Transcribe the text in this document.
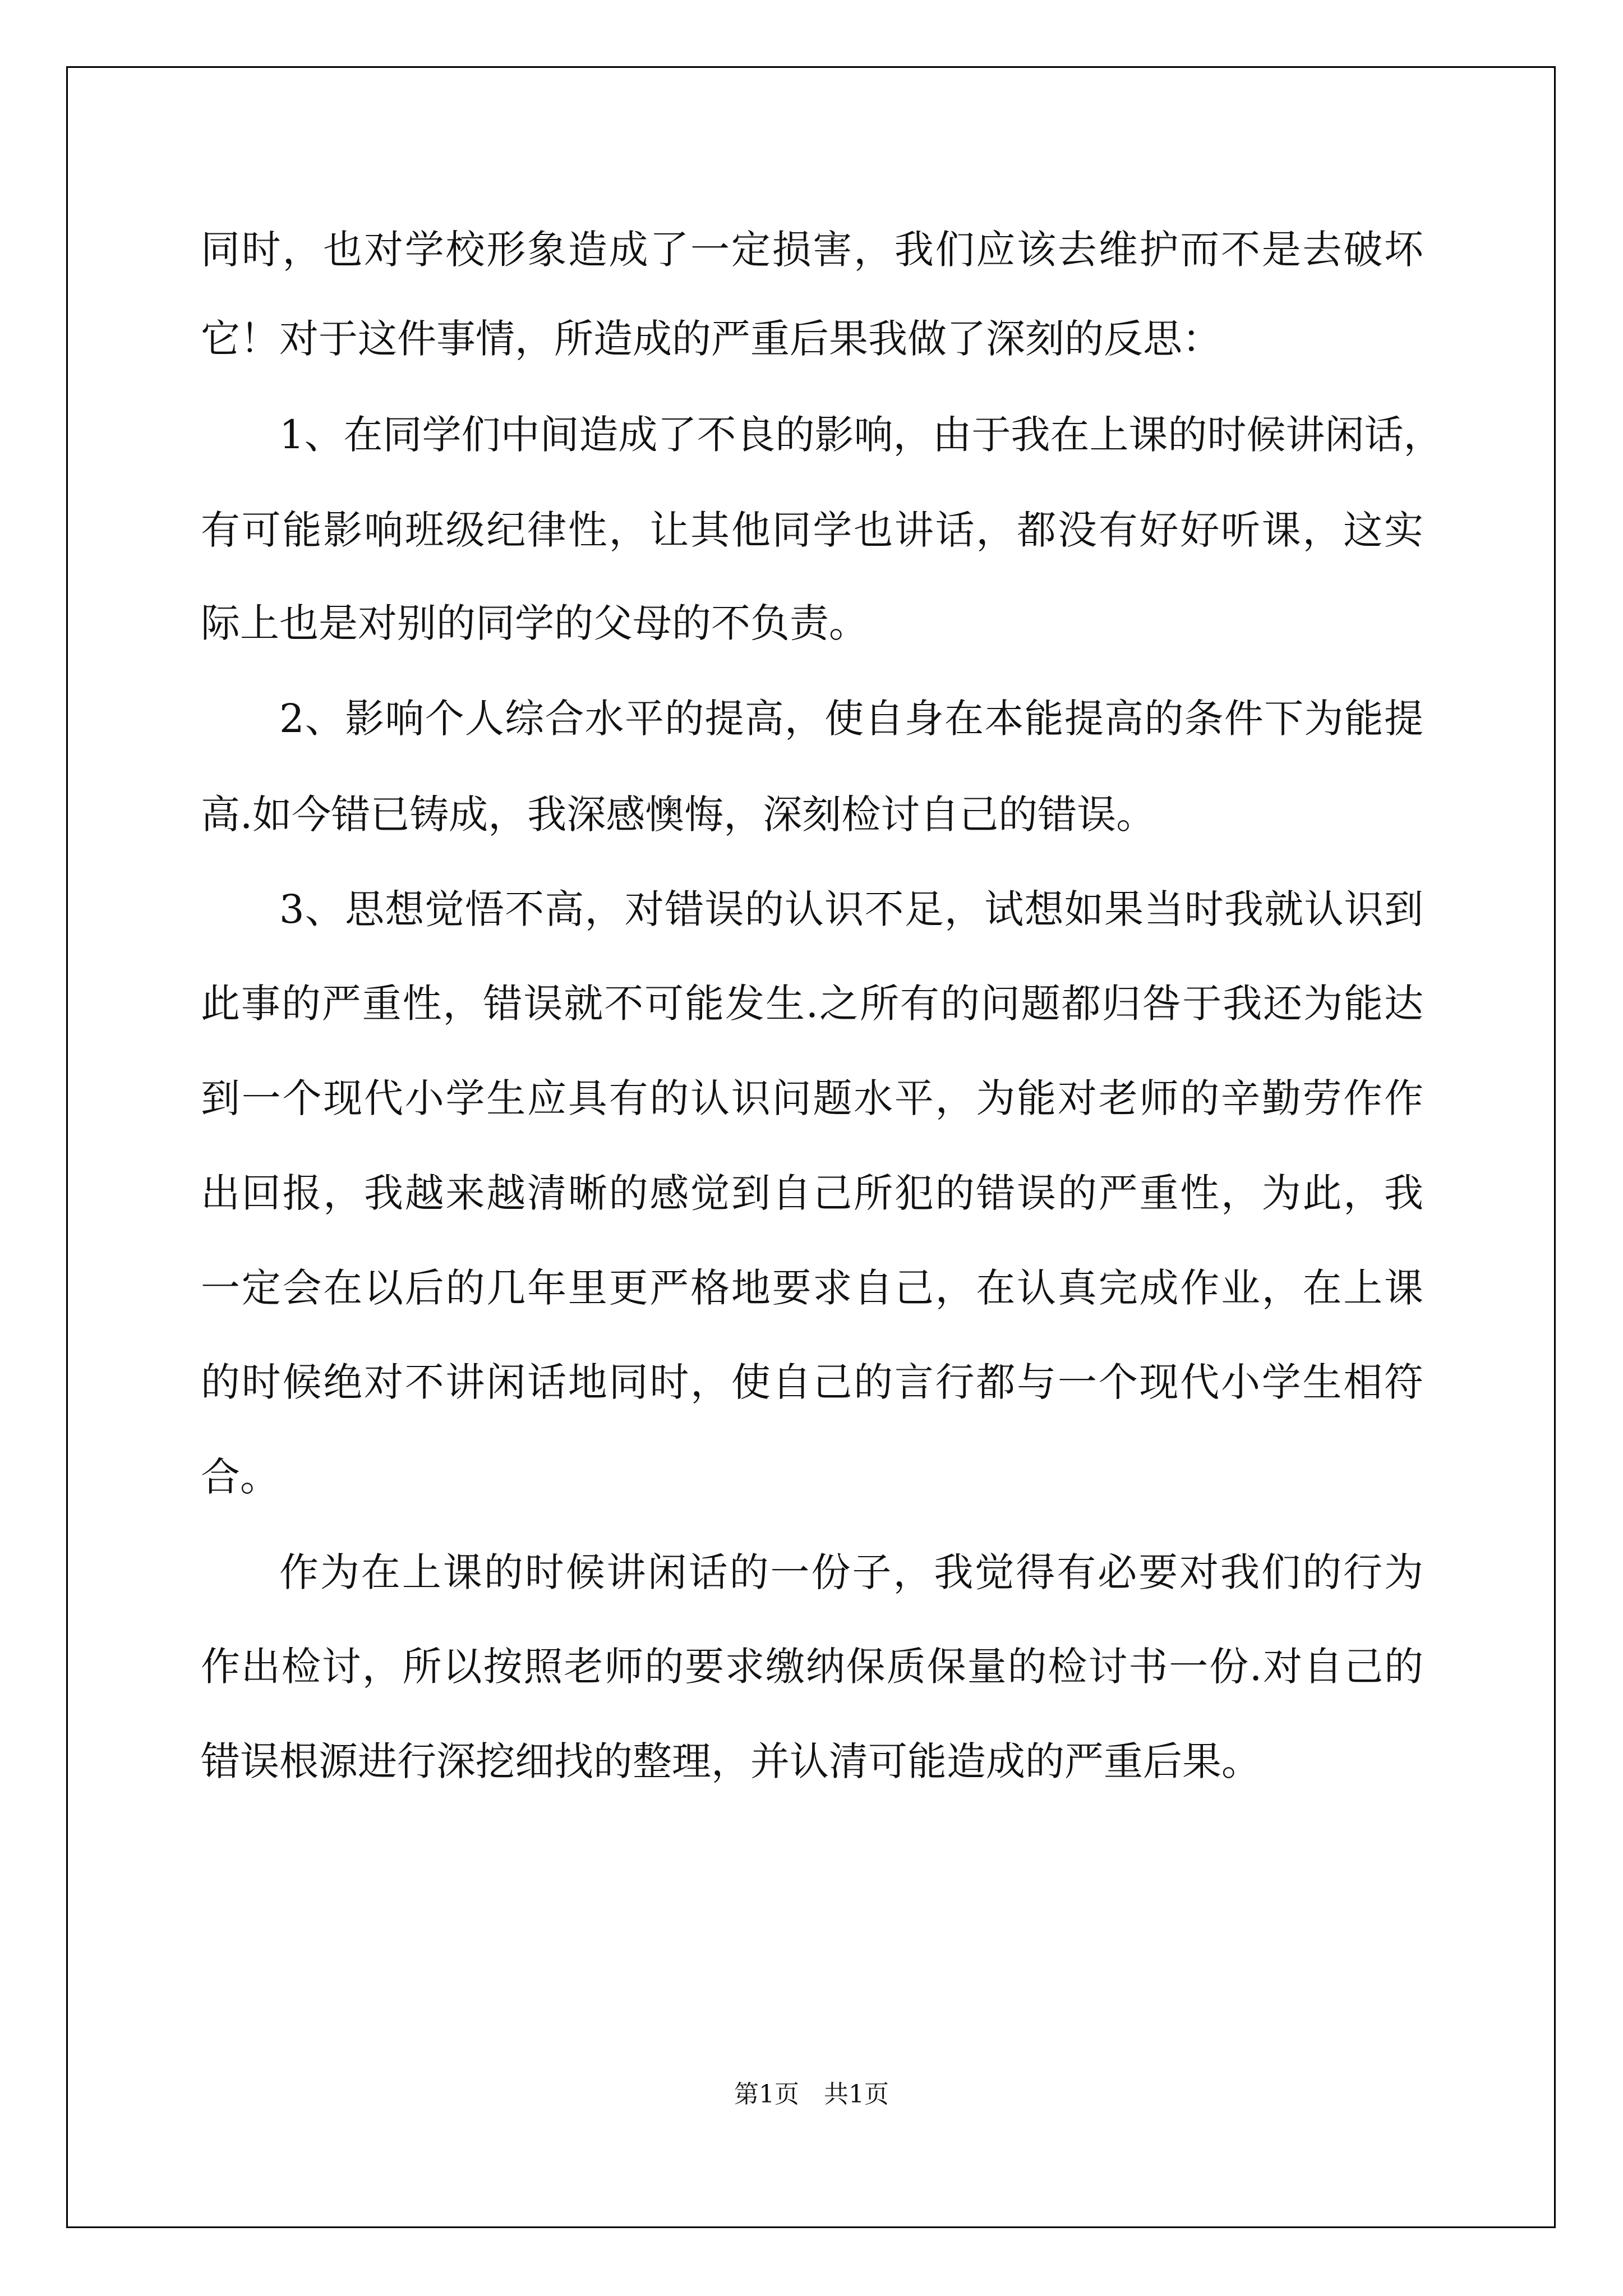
同时，也对学校形象造成了一定损害，我们应该去维护而不是去破坏
它！对于这件事情，所造成的严重后果我做了深刻的反思：
1、在同学们中间造成了不良的影响，由于我在上课的时候讲闲话，
有可能影响班级纪律性，让其他同学也讲话，都没有好好听课，这实
际上也是对别的同学的父母的不负责。
2、影响个人综合水平的提高，使自身在本能提高的条件下为能提
高.如今错已铸成，我深感懊悔，深刻检讨自己的错误。
3、思想觉悟不高，对错误的认识不足，试想如果当时我就认识到
此事的严重性，错误就不可能发生.之所有的问题都归咎于我还为能达
到一个现代小学生应具有的认识问题水平，为能对老师的辛勤劳作作
出回报，我越来越清晰的感觉到自己所犯的错误的严重性，为此，我
一定会在以后的几年里更严格地要求自己，在认真完成作业，在上课
的时候绝对不讲闲话地同时，使自己的言行都与一个现代小学生相符
合。
作为在上课的时候讲闲话的一份子，我觉得有必要对我们的行为
作出检讨，所以按照老师的要求缴纳保质保量的检讨书一份.对自己的
错误根源进行深挖细找的整理，并认清可能造成的严重后果。
第1页　共1页
